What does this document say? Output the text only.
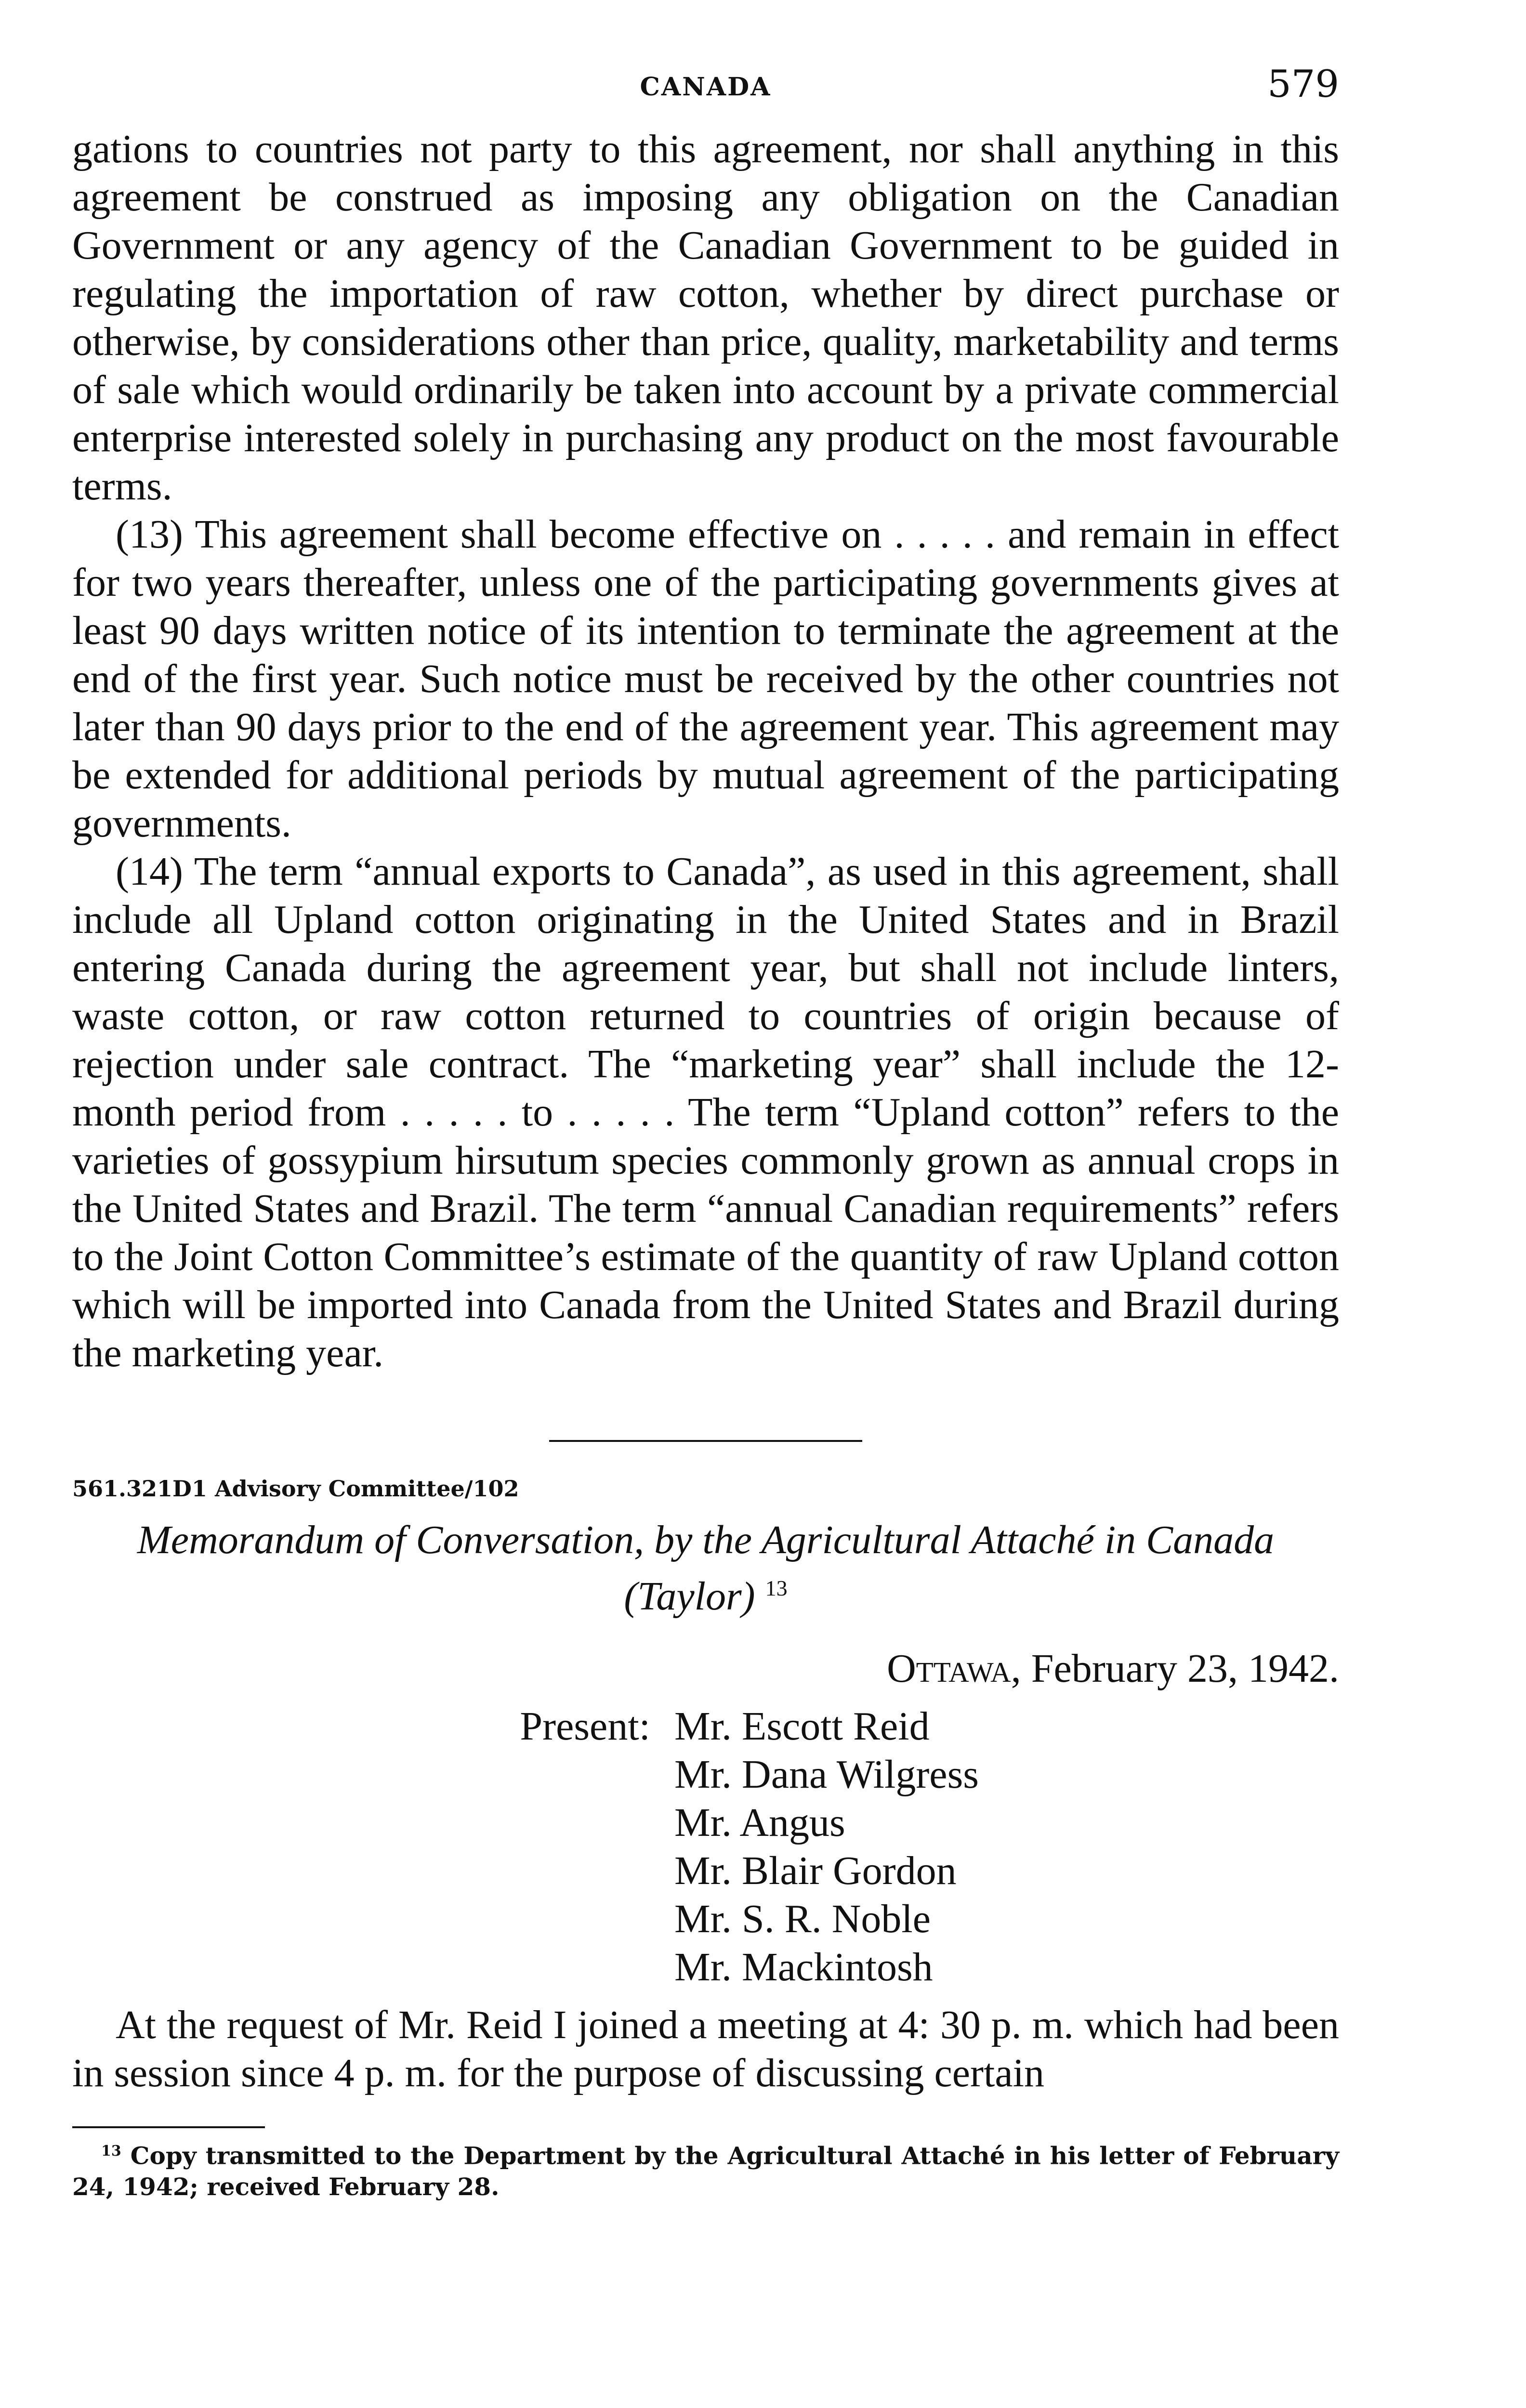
CANADA	579

gations to countries not party to this agreement, nor shall anything in this agreement be construed as imposing any obligation on the Canadian Government or any agency of the Canadian Government to be guided in regulating the importation of raw cotton, whether by direct purchase or otherwise, by considerations other than price, quality, marketability and terms of sale which would ordinarily be taken into account by a private commercial enterprise interested solely in purchasing any product on the most favourable terms.

(13) This agreement shall become effective on . . . . . and remain in effect for two years thereafter, unless one of the participating governments gives at least 90 days written notice of its intention to terminate the agreement at the end of the first year. Such notice must be received by the other countries not later than 90 days prior to the end of the agreement year. This agreement may be extended for additional periods by mutual agreement of the participating governments.

(14) The term “annual exports to Canada”, as used in this agreement, shall include all Upland cotton originating in the United States and in Brazil entering Canada during the agreement year, but shall not include linters, waste cotton, or raw cotton returned to countries of origin because of rejection under sale contract. The “marketing year” shall include the 12-month period from . . . . . to . . . . . The term “Upland cotton” refers to the varieties of gossypium hirsutum species commonly grown as annual crops in the United States and Brazil. The term “annual Canadian requirements” refers to the Joint Cotton Committee’s estimate of the quantity of raw Upland cotton which will be imported into Canada from the United States and Brazil during the marketing year.

561.321D1 Advisory Committee/102
Memorandum of Conversation, by the Agricultural Attaché in Canada (Taylor) $^{13}$
Ottawa, February 23, 1942.
Present: Mr. Escott Reid
Mr. Dana Wilgress
Mr. Angus
Mr. Blair Gordon
Mr. S. R. Noble
Mr. Mackintosh

At the request of Mr. Reid I joined a meeting at 4: 30 p. m. which had been in session since 4 p. m. for the purpose of discussing certain

$^{13}$ Copy transmitted to the Department by the Agricultural Attaché in his letter of February 24, 1942; received February 28.
